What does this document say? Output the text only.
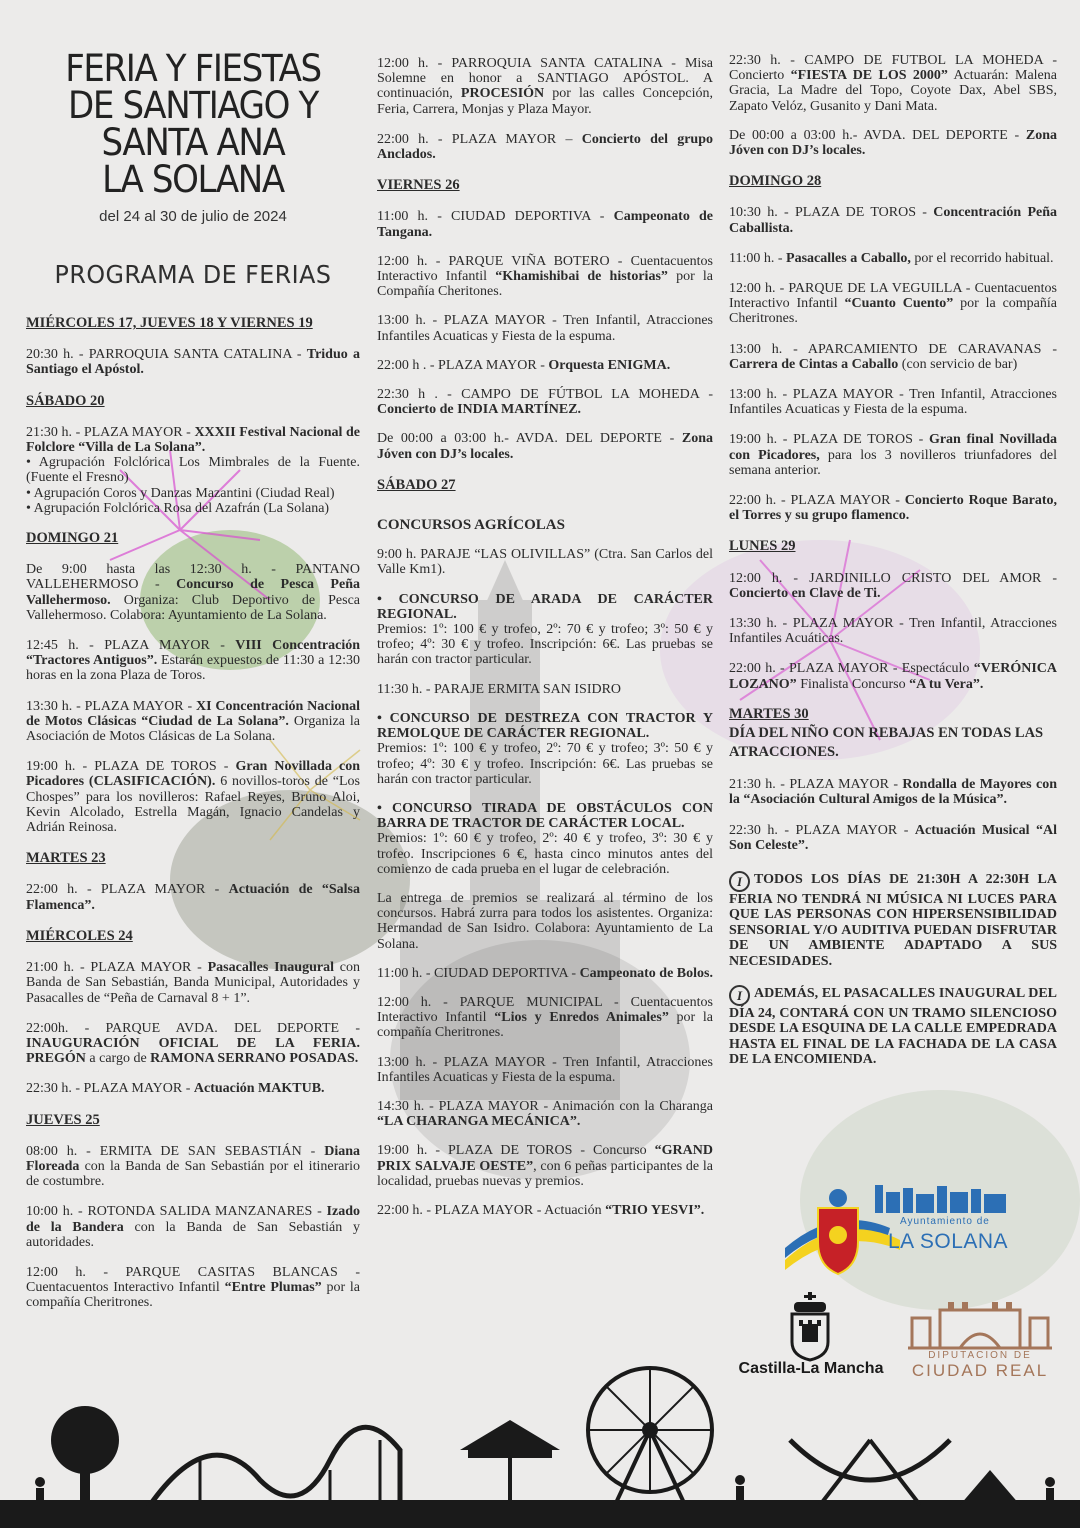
FERIA Y FIESTAS
DE SANTIAGO Y
SANTA ANA
LA SOLANA
del 24 al 30 de julio de 2024
PROGRAMA DE FERIAS

MIÉRCOLES 17, JUEVES 18 Y VIERNES 19

20:30 h. - PARROQUIA SANTA CATALINA - Triduo a Santiago el Apóstol.

SÁBADO 20

21:30 h. - PLAZA MAYOR - XXXII Festival Nacional de Folclore “Villa de La Solana”.

• Agrupación Folclórica Los Mimbrales de la Fuente. (Fuente el Fresno)

• Agrupación Coros y Danzas Mazantini (Ciudad Real)

• Agrupación Folclórica Rosa del Azafrán (La Solana)

DOMINGO 21

De 9:00 hasta las 12:30 h. - PANTANO VALLEHERMOSO - Concurso de Pesca Peña Vallehermoso. Organiza: Club Deportivo de Pesca Vallehermoso. Colabora: Ayuntamiento de La Solana.

12:45 h. - PLAZA MAYOR - VIII Concentración “Tractores Antiguos”. Estarán expuestos de 11:30 a 12:30 horas en la zona Plaza de Toros.

13:30 h. - PLAZA MAYOR - XI Concentración Nacional de Motos Clásicas “Ciudad de La Solana”. Organiza la Asociación de Motos Clásicas de La Solana.

19:00 h. - PLAZA DE TOROS - Gran Novillada con Picadores (CLASIFICACIÓN). 6 novillos-toros de “Los Chospes” para los novilleros: Rafael Reyes, Bruno Aloi, Kevin Alcolado, Estrella Magán, Ignacio Candelas y Adrián Reinosa.

MARTES 23

22:00 h. - PLAZA MAYOR - Actuación de “Salsa Flamenca”.

MIÉRCOLES 24

21:00 h. - PLAZA MAYOR - Pasacalles Inaugural con Banda de San Sebastián, Banda Municipal, Autoridades y Pasacalles de “Peña de Carnaval 8 + 1”.

22:00h. - PARQUE AVDA. DEL DEPORTE - INAUGURACIÓN OFICIAL DE LA FERIA. PREGÓN a cargo de RAMONA SERRANO POSADAS.

22:30 h. - PLAZA MAYOR - Actuación MAKTUB.

JUEVES 25

08:00 h. - ERMITA DE SAN SEBASTIÁN - Diana Floreada con la Banda de San Sebastián por el itinerario de costumbre.

10:00 h. - ROTONDA SALIDA MANZANARES - Izado de la Bandera con la Banda de San Sebastián y autoridades.

12:00 h. - PARQUE CASITAS BLANCAS - Cuentacuentos Interactivo Infantil “Entre Plumas” por la compañía Cheritrones.

12:00 h. - PARROQUIA SANTA CATALINA - Misa Solemne en honor a SANTIAGO APÓSTOL. A continuación, PROCESIÓN por las calles Concepción, Feria, Carrera, Monjas y Plaza Mayor.

22:00 h. - PLAZA MAYOR – Concierto del grupo Anclados.

VIERNES 26

11:00 h. - CIUDAD DEPORTIVA - Campeonato de Tangana.

12:00 h. - PARQUE VIÑA BOTERO - Cuentacuentos Interactivo Infantil “Khamishibai de historias” por la Compañía Cheritones.

13:00 h. - PLAZA MAYOR - Tren Infantil, Atracciones Infantiles Acuaticas y Fiesta de la espuma.

22:00 h . - PLAZA MAYOR - Orquesta ENIGMA.

22:30 h . - CAMPO DE FÚTBOL LA MOHEDA - Concierto de INDIA MARTÍNEZ.

De 00:00 a 03:00 h.- AVDA. DEL DEPORTE - Zona Jóven con DJ’s locales.

SÁBADO 27

CONCURSOS AGRÍCOLAS

9:00 h. PARAJE “LAS OLIVILLAS” (Ctra. San Carlos del Valle Km1).

• CONCURSO DE ARADA DE CARÁCTER REGIONAL.

Premios: 1º: 100 € y trofeo, 2º: 70 € y trofeo; 3º: 50 € y trofeo; 4º: 30 € y trofeo. Inscripción: 6€. Las pruebas se harán con tractor particular.

11:30 h. - PARAJE ERMITA SAN ISIDRO

• CONCURSO DE DESTREZA CON TRACTOR Y REMOLQUE DE CARÁCTER REGIONAL.

Premios: 1º: 100 € y trofeo, 2º: 70 € y trofeo; 3º: 50 € y trofeo; 4º: 30 € y trofeo. Inscripción: 6€. Las pruebas se harán con tractor particular.

• CONCURSO TIRADA DE OBSTÁCULOS CON BARRA DE TRACTOR DE CARÁCTER LOCAL.

Premios: 1º: 60 € y trofeo, 2º: 40 € y trofeo, 3º: 30 € y trofeo. Inscripciones 6 €, hasta cinco minutos antes del comienzo de cada prueba en el lugar de celebración.

La entrega de premios se realizará al término de los concursos. Habrá zurra para todos los asistentes. Organiza: Hermandad de San Isidro. Colabora: Ayuntamiento de La Solana.

11:00 h. - CIUDAD DEPORTIVA - Campeonato de Bolos.

12:00 h. - PARQUE MUNICIPAL - Cuentacuentos Interactivo Infantil “Lios y Enredos Animales” por la compañía Cheritrones.

13:00 h. - PLAZA MAYOR - Tren Infantil, Atracciones Infantiles Acuaticas y Fiesta de la espuma.

14:30 h. - PLAZA MAYOR - Animación con la Charanga “LA CHARANGA MECÁNICA”.

19:00 h. - PLAZA DE TOROS - Concurso “GRAND PRIX SALVAJE OESTE”, con 6 peñas participantes de la localidad, pruebas nuevas y premios.

22:00 h. - PLAZA MAYOR - Actuación “TRIO YESVI”.

22:30 h. - CAMPO DE FUTBOL LA MOHEDA - Concierto “FIESTA DE LOS 2000” Actuarán: Malena Gracia, La Madre del Topo, Coyote Dax, Abel SBS, Zapato Velóz, Gusanito y Dani Mata.

De 00:00 a 03:00 h.- AVDA. DEL DEPORTE - Zona Jóven con DJ’s locales.

DOMINGO 28

10:30 h. - PLAZA DE TOROS - Concentración Peña Caballista.

11:00 h. - Pasacalles a Caballo, por el recorrido habitual.

12:00 h. - PARQUE DE LA VEGUILLA - Cuentacuentos Interactivo Infantil “Cuanto Cuento” por la compañía Cheritrones.

13:00 h. - APARCAMIENTO DE CARAVANAS - Carrera de Cintas a Caballo (con servicio de bar)

13:00 h. - PLAZA MAYOR - Tren Infantil, Atracciones Infantiles Acuaticas y Fiesta de la espuma.

19:00 h. - PLAZA DE TOROS - Gran final Novillada con Picadores, para los 3 novilleros triunfadores del semana anterior.

22:00 h. - PLAZA MAYOR - Concierto Roque Barato, el Torres y su grupo flamenco.

LUNES 29

12:00 h. - JARDINILLO CRISTO DEL AMOR - Concierto en Clave de Ti.

13:30 h. - PLAZA MAYOR - Tren Infantil, Atracciones Infantiles Acuáticas.

22:00 h. - PLAZA MAYOR - Espectáculo “VERÓNICA LOZANO” Finalista Concurso “A tu Vera”.

MARTES 30

DÍA DEL NIÑO CON REBAJAS EN TODAS LAS ATRACCIONES.

21:30 h. - PLAZA MAYOR - Rondalla de Mayores con la “Asociación Cultural Amigos de la Música”.

22:30 h. - PLAZA MAYOR - Actuación Musical “Al Son Celeste”.

I TODOS LOS DÍAS DE 21:30H A 22:30H LA FERIA NO TENDRÁ NI MÚSICA NI LUCES PARA QUE LAS PERSONAS CON HIPERSENSIBILIDAD SENSORIAL Y/O AUDITIVA PUEDAN DISFRUTAR DE UN AMBIENTE ADAPTADO A SUS NECESIDADES.

I ADEMÁS, EL PASACALLES INAUGURAL DEL DÍA 24, CONTARÁ CON UN TRAMO SILENCIOSO DESDE LA ESQUINA DE LA CALLE EMPEDRADA HASTA EL FINAL DE LA FACHADA DE LA CASA DE LA ENCOMIENDA.

Ayuntamiento de
LA SOLANA
Castilla-La Mancha
DIPUTACION DE
CIUDAD REAL
